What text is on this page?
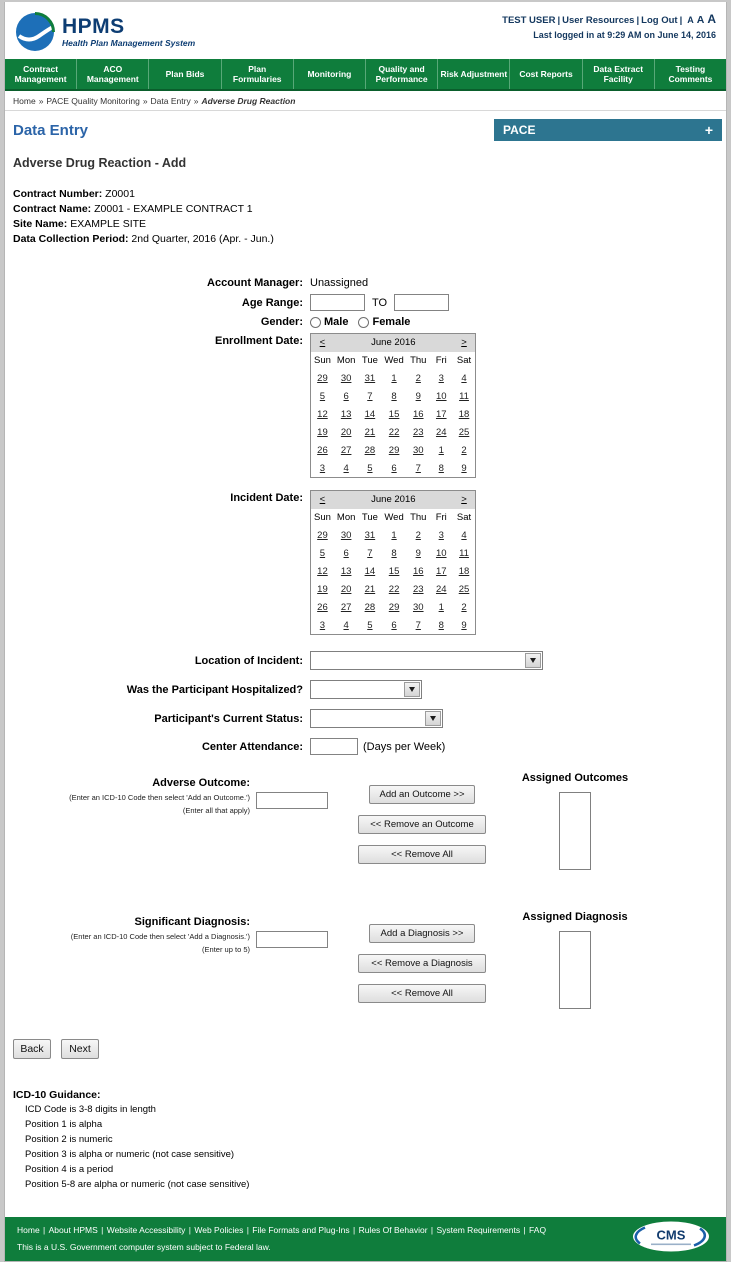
HPMS
Health Plan Management System
TEST USER | User Resources | Log Out | A A A
Last logged in at 9:29 AM on June 14, 2016
Contract Management
ACO Management
Plan Bids
Plan Formularies
Monitoring
Quality and Performance
Risk Adjustment	Cost Reports
Data Extract Facility
Testing Comments
Home » PACE Quality Monitoring » Data Entry » Adverse Drug Reaction
Data Entry	PACE	+
Adverse Drug Reaction - Add
Contract Number: Z0001
Contract Name: Z0001 - EXAMPLE CONTRACT 1
Site Name: EXAMPLE SITE
Data Collection Period: 2nd Quarter, 2016 (Apr. - Jun.)
Account Manager: Unassigned
Age Range:	TO
Gender:	Male Female
Enrollment Date:	<	June 2016					>
Sun	Mon	Tue	Wed	Thu	Fri	Sat
29	30	31	1	2	3	4
5	6	7	8	9	10	11
12	13	14	15	16	17	18
19	20	21	22	23	24	25
26	27	28	29	30	1	2
3	4	5	6	7	8	9
Incident Date:	<	June 2016					>
Sun	Mon	Tue	Wed	Thu	Fri	Sat
29	30	31	1	2	3	4
5	6	7	8	9	10	11
12	13	14	15	16	17	18
19	20	21	22	23	24	25
26	27	28	29	30	1	2
3	4	5	6	7	8	9
Location of Incident:
Was the Participant Hospitalized?
Participant's Current Status:
Center Attendance:	(Days per Week)
Adverse Outcome:
(Enter an ICD-10 Code then select 'Add an Outcome.')
(Enter all that apply)
Add an Outcome >>
<< Remove an Outcome
<< Remove All
Assigned Outcomes
Significant Diagnosis:
(Enter an ICD-10 Code then select 'Add a Diagnosis.')
(Enter up to 5)
Add a Diagnosis >>
<< Remove a Diagnosis
<< Remove All
Assigned Diagnosis
Back	Next
ICD-10 Guidance:
ICD Code is 3-8 digits in length
Position 1 is alpha
Position 2 is numeric
Position 3 is alpha or numeric (not case sensitive)
Position 4 is a period
Position 5-8 are alpha or numeric (not case sensitive)
Home | About HPMS | Website Accessibility | Web Policies | File Formats and Plug-Ins | Rules Of Behavior | System Requirements | FAQ
This is a U.S. Government computer system subject to Federal law.
CMS
